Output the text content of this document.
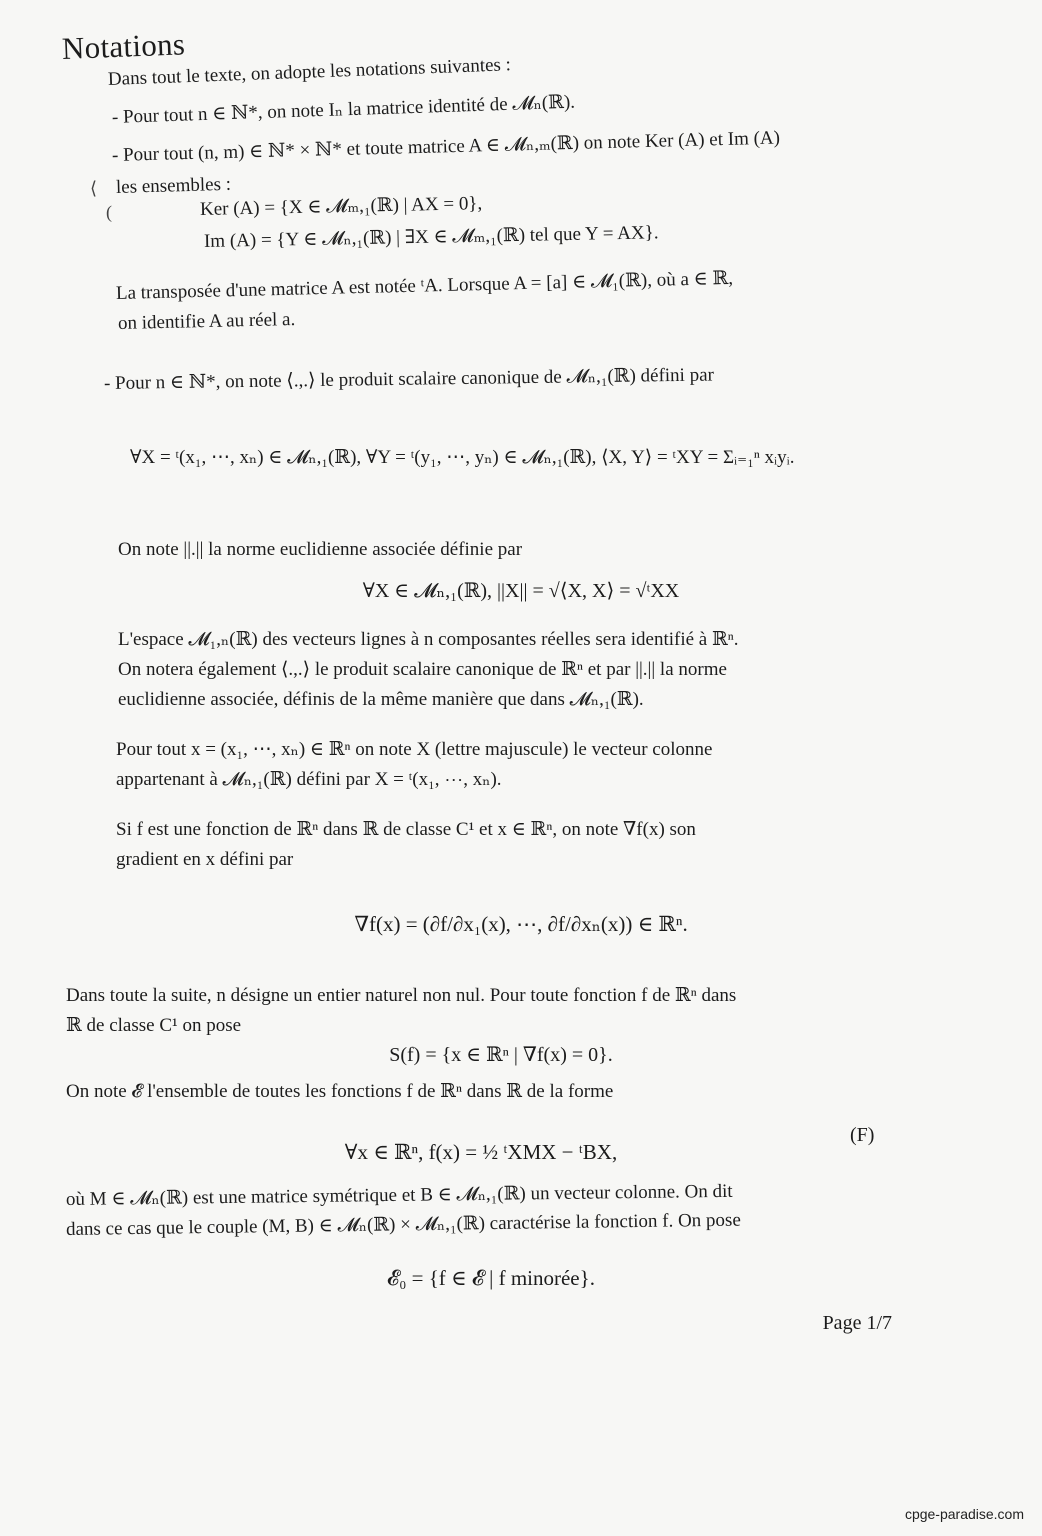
Notations
Dans tout le texte, on adopte les notations suivantes :
- Pour tout n ∈ ℕ*, on note Iₙ la matrice identité de 𝓜ₙ(ℝ).
- Pour tout (n, m) ∈ ℕ* × ℕ* et toute matrice A ∈ 𝓜ₙ,ₘ(ℝ) on note Ker (A) et Im (A)
les ensembles :
⟨
(	Ker (A) = {X ∈ 𝓜ₘ,₁(ℝ) | AX = 0},
Im (A) = {Y ∈ 𝓜ₙ,₁(ℝ) | ∃X ∈ 𝓜ₘ,₁(ℝ) tel que Y = AX}.
La transposée d'une matrice A est notée ᵗA. Lorsque A = [a] ∈ 𝓜₁(ℝ), où a ∈ ℝ,
on identifie A au réel a.
- Pour n ∈ ℕ*, on note ⟨.,.⟩ le produit scalaire canonique de 𝓜ₙ,₁(ℝ) défini par
∀X = ᵗ(x₁, ⋯, xₙ) ∈ 𝓜ₙ,₁(ℝ), ∀Y = ᵗ(y₁, ⋯, yₙ) ∈ 𝓜ₙ,₁(ℝ), ⟨X, Y⟩ = ᵗXY = Σᵢ₌₁ⁿ xᵢyᵢ.
On note ||.|| la norme euclidienne associée définie par
∀X ∈ 𝓜ₙ,₁(ℝ), ||X|| = √⟨X, X⟩ = √ᵗXX
L'espace 𝓜₁,ₙ(ℝ) des vecteurs lignes à n composantes réelles sera identifié à ℝⁿ.
On notera également ⟨.,.⟩ le produit scalaire canonique de ℝⁿ et par ||.|| la norme
euclidienne associée, définis de la même manière que dans 𝓜ₙ,₁(ℝ).
Pour tout x = (x₁, ⋯, xₙ) ∈ ℝⁿ on note X (lettre majuscule) le vecteur colonne
appartenant à 𝓜ₙ,₁(ℝ) défini par X = ᵗ(x₁, ⋯, xₙ).
Si f est une fonction de ℝⁿ dans ℝ de classe C¹ et x ∈ ℝⁿ, on note ∇f(x) son
gradient en x défini par
∇f(x) = (∂f/∂x₁(x), ⋯, ∂f/∂xₙ(x)) ∈ ℝⁿ.
Dans toute la suite, n désigne un entier naturel non nul. Pour toute fonction f de ℝⁿ dans
ℝ de classe C¹ on pose
S(f) = {x ∈ ℝⁿ | ∇f(x) = 0}.
On note 𝓔 l'ensemble de toutes les fonctions f de ℝⁿ dans ℝ de la forme
∀x ∈ ℝⁿ, f(x) = ½ ᵗXMX − ᵗBX,
(F)
où M ∈ 𝓜ₙ(ℝ) est une matrice symétrique et B ∈ 𝓜ₙ,₁(ℝ) un vecteur colonne. On dit
dans ce cas que le couple (M, B) ∈ 𝓜ₙ(ℝ) × 𝓜ₙ,₁(ℝ) caractérise la fonction f. On pose
𝓔₀ = {f ∈ 𝓔 | f minorée}.
Page 1/7
cpge-paradise.com
